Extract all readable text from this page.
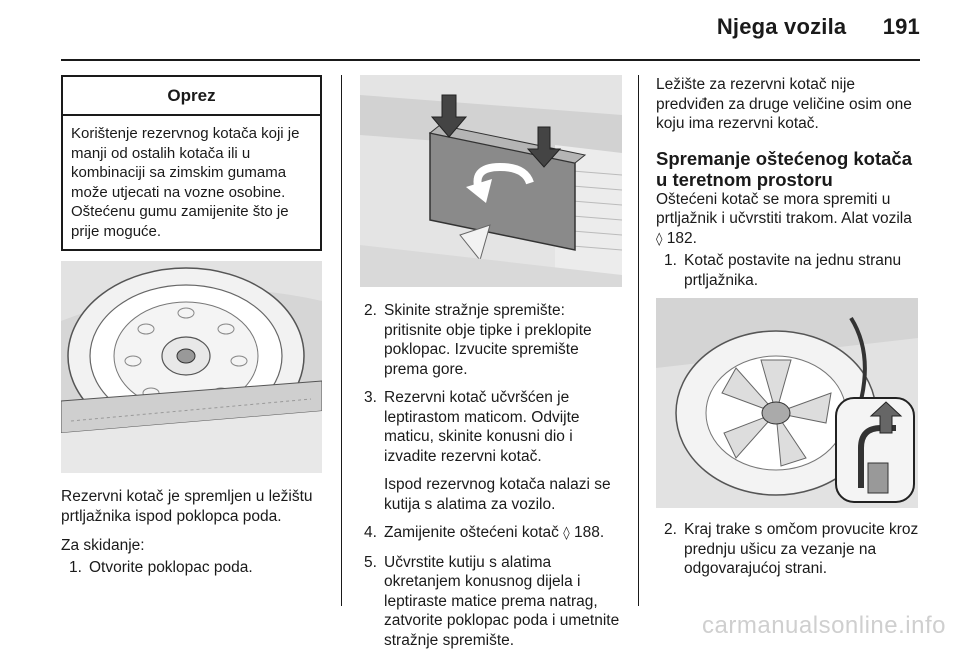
Njega vozila 191
Oprez
Korištenje rezervnog kotača koji je manji od ostalih kotača ili u kombinaciji sa zimskim gumama može utjecati na vozne osobine. Oštećenu gumu zamijenite što je prije moguće.

Rezervni kotač je spremljen u ležištu prtljažnika ispod poklopca poda.

Za skidanje:

1. Otvorite poklopac poda.
2. Skinite stražnje spremište: pritisnite obje tipke i preklopite poklopac. Izvucite spremište prema gore.
3. Rezervni kotač učvršćen je leptirastom maticom. Odvijte maticu, skinite konusni dio i izvadite rezervni kotač.
Ispod rezervnog kotača nalazi se kutija s alatima za vozilo.
4. Zamijenite oštećeni kotač ◊ 188.
5. Učvrstite kutiju s alatima okretanjem konusnog dijela i leptiraste matice prema natrag, zatvorite poklopac poda i umetnite stražnje spremište.

Ležište za rezervni kotač nije predviđen za druge veličine osim one koju ima rezervni kotač.

Spremanje oštećenog kotača u teretnom prostoru

Oštećeni kotač se mora spremiti u prtljažnik i učvrstiti trakom. Alat vozila ◊ 182.

1. Kotač postavite na jednu stranu prtljažnika.
2. Kraj trake s omčom provucite kroz prednju ušicu za vezanje na odgovarajućoj strani.
carmanualsonline.info
